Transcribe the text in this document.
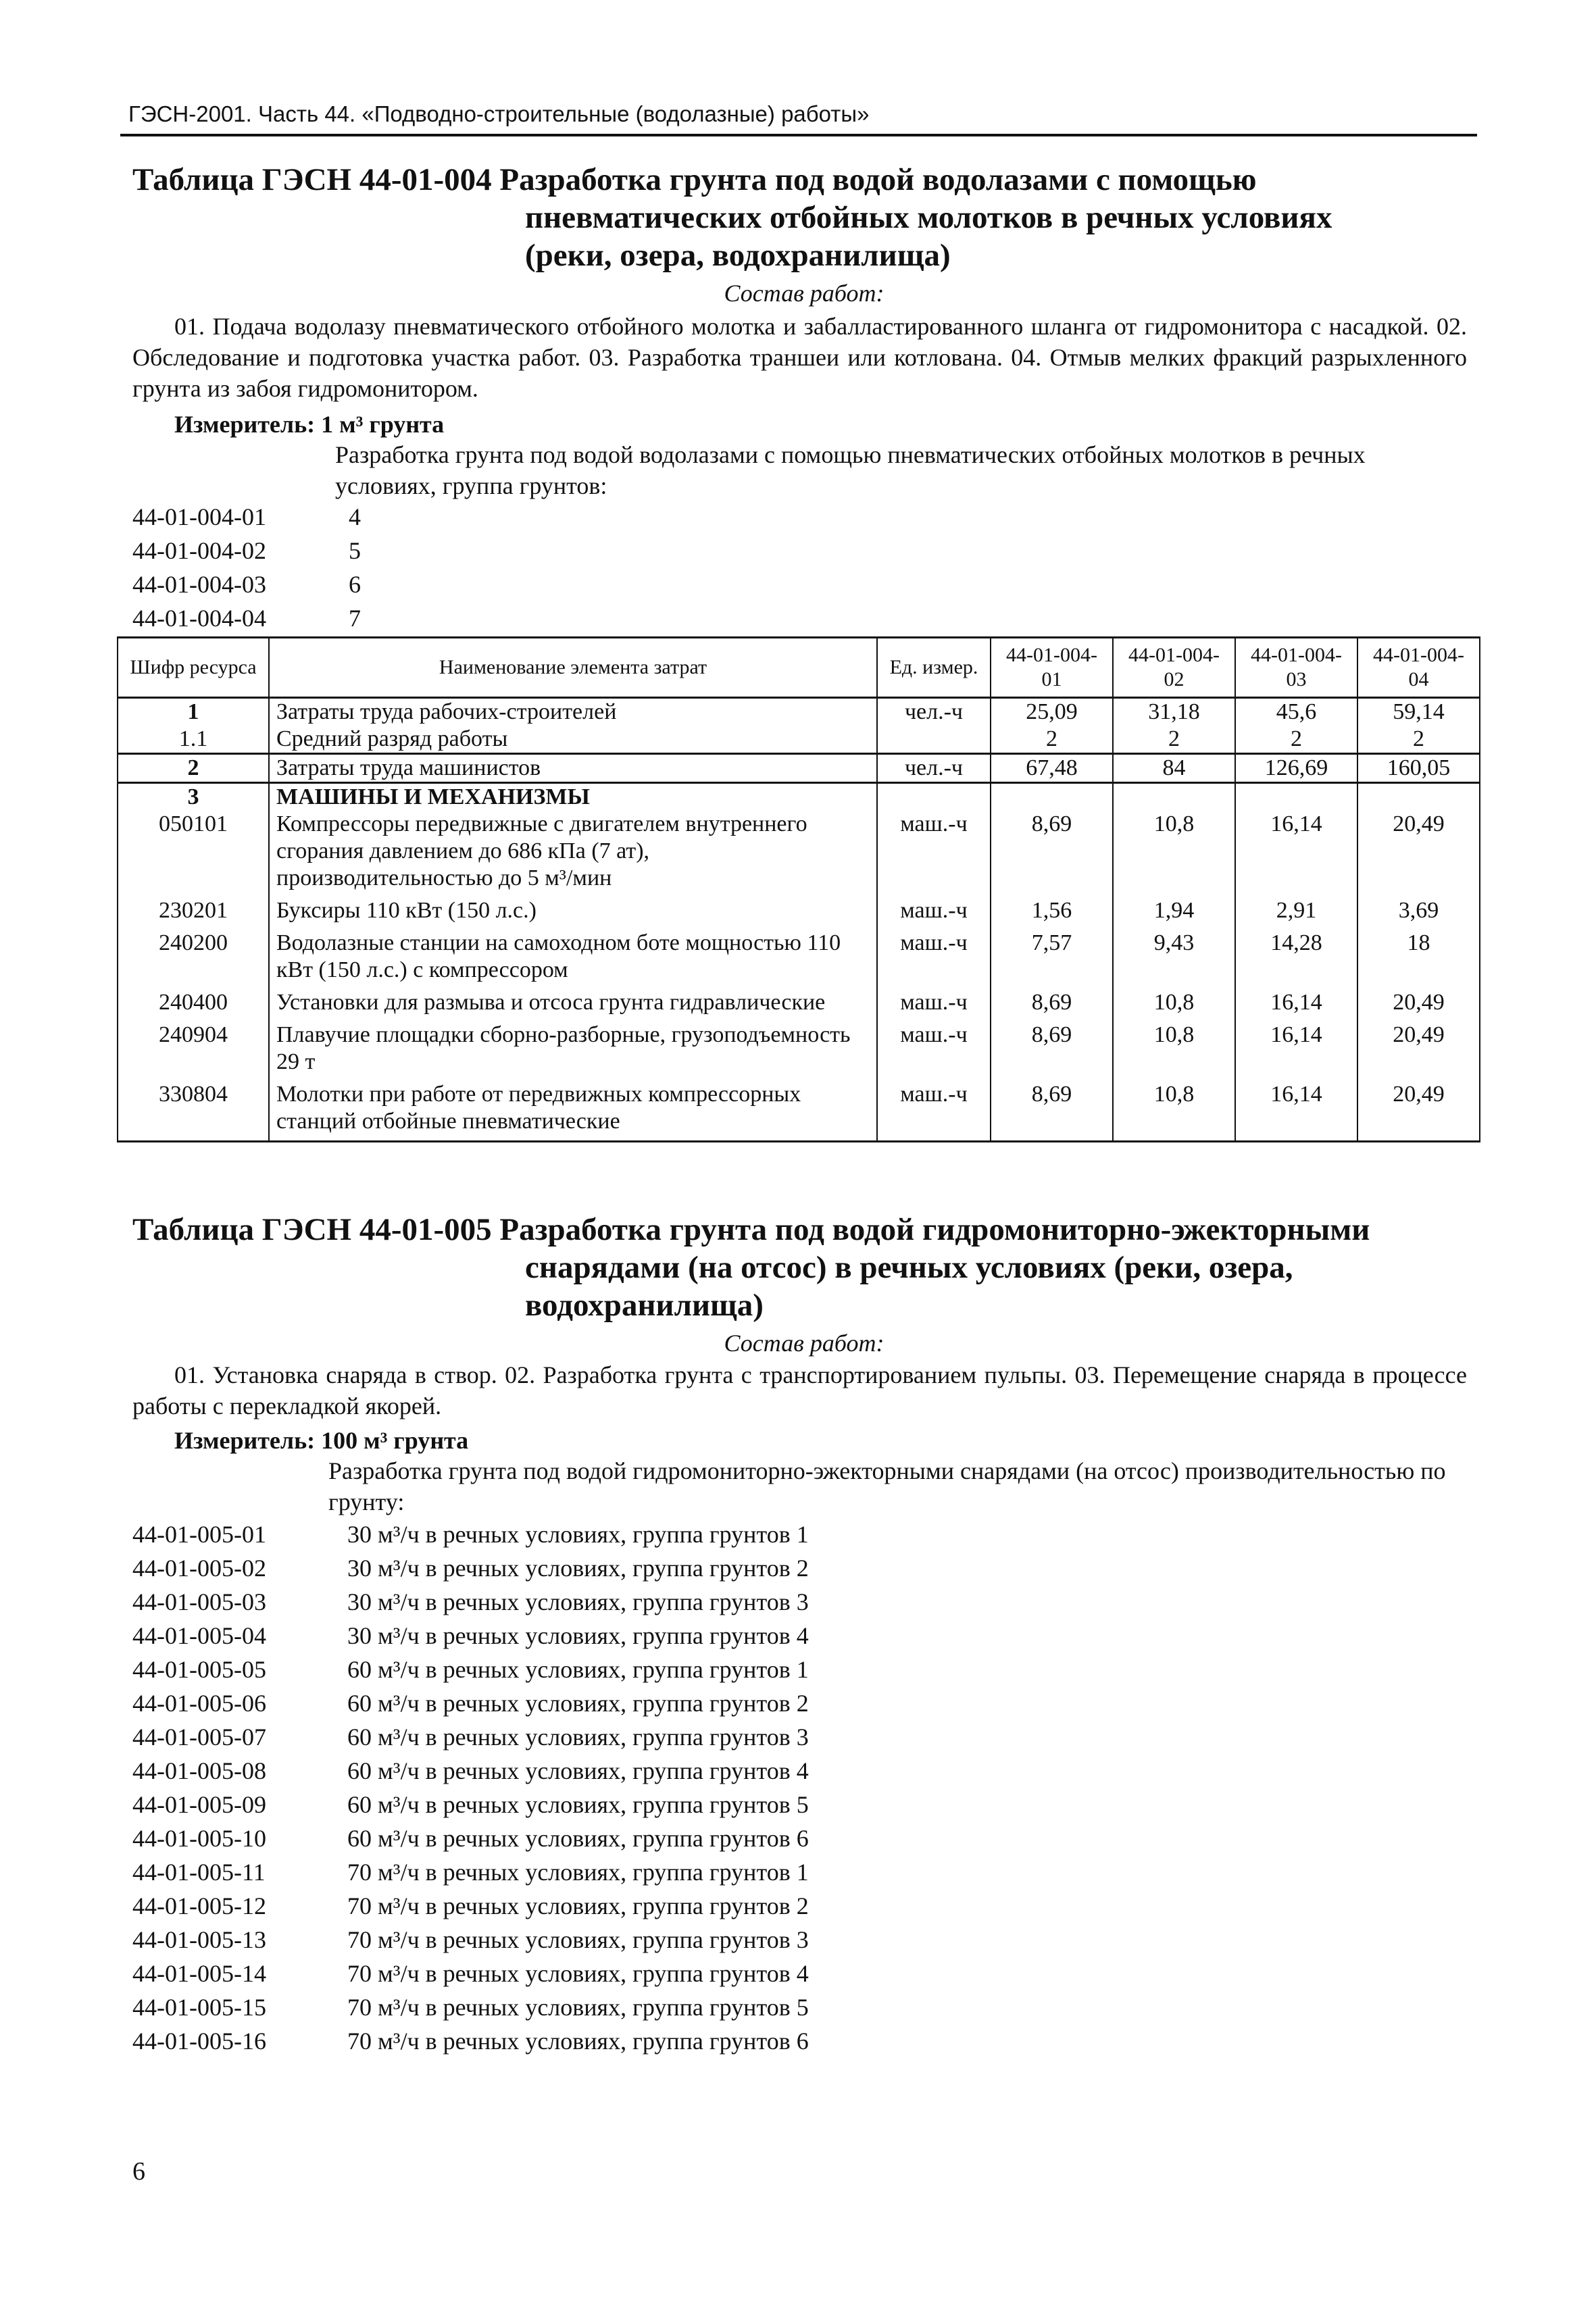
ГЭСН-2001. Часть 44. «Подводно-строительные (водолазные) работы»
Таблица ГЭСН 44-01-004 Разработка грунта под водой водолазами с помощью
пневматических отбойных молотков в речных условиях
(реки, озера, водохранилища)
Состав работ:
01. Подача водолазу пневматического отбойного молотка и забалластированного шланга от гидромонитора с насадкой. 02. Обследование и подготовка участка работ. 03. Разработка траншеи или котлована. 04. Отмыв мелких фракций разрыхленного грунта из забоя гидромонитором.
Измеритель: 1 м³ грунта
Разработка грунта под водой водолазами с помощью пневматических отбойных молотков в речных условиях, группа грунтов:
44-01-004-01	4
44-01-004-02	5
44-01-004-03	6
44-01-004-04	7
Шифр ресурса	Наименование элемента затрат	Ед. измер.	44-01-004-01	44-01-004-02	44-01-004-03	44-01-004-04
1	Затраты труда рабочих-строителей	чел.-ч	25,09	31,18	45,6	59,14
1.1	Средний разряд работы		2	2	2	2
2	Затраты труда машинистов	чел.-ч	67,48	84	126,69	160,05
3	МАШИНЫ И МЕХАНИЗМЫ					
050101	Компрессоры передвижные с двигателем внутреннего сгорания давлением до 686 кПа (7 ат), производительностью до 5 м³/мин	маш.-ч	8,69	10,8	16,14	20,49
230201	Буксиры 110 кВт (150 л.с.)	маш.-ч	1,56	1,94	2,91	3,69
240200	Водолазные станции на самоходном боте мощностью 110 кВт (150 л.с.) с компрессором	маш.-ч	7,57	9,43	14,28	18
240400	Установки для размыва и отсоса грунта гидравлические	маш.-ч	8,69	10,8	16,14	20,49
240904	Плавучие площадки сборно-разборные, грузоподъемность 29 т	маш.-ч	8,69	10,8	16,14	20,49
330804	Молотки при работе от передвижных компрессорных станций отбойные пневматические	маш.-ч	8,69	10,8	16,14	20,49
Таблица ГЭСН 44-01-005 Разработка грунта под водой гидромониторно-эжекторными
снарядами (на отсос) в речных условиях (реки, озера,
водохранилища)
Состав работ:
01. Установка снаряда в створ. 02. Разработка грунта с транспортированием пульпы. 03. Перемещение снаряда в процессе работы с перекладкой якорей.
Измеритель: 100 м³ грунта
Разработка грунта под водой гидромониторно-эжекторными снарядами (на отсос) производительностью по грунту:
44-01-005-01	30 м³/ч в речных условиях, группа грунтов 1
44-01-005-02	30 м³/ч в речных условиях, группа грунтов 2
44-01-005-03	30 м³/ч в речных условиях, группа грунтов 3
44-01-005-04	30 м³/ч в речных условиях, группа грунтов 4
44-01-005-05	60 м³/ч в речных условиях, группа грунтов 1
44-01-005-06	60 м³/ч в речных условиях, группа грунтов 2
44-01-005-07	60 м³/ч в речных условиях, группа грунтов 3
44-01-005-08	60 м³/ч в речных условиях, группа грунтов 4
44-01-005-09	60 м³/ч в речных условиях, группа грунтов 5
44-01-005-10	60 м³/ч в речных условиях, группа грунтов 6
44-01-005-11	70 м³/ч в речных условиях, группа грунтов 1
44-01-005-12	70 м³/ч в речных условиях, группа грунтов 2
44-01-005-13	70 м³/ч в речных условиях, группа грунтов 3
44-01-005-14	70 м³/ч в речных условиях, группа грунтов 4
44-01-005-15	70 м³/ч в речных условиях, группа грунтов 5
44-01-005-16	70 м³/ч в речных условиях, группа грунтов 6
6
